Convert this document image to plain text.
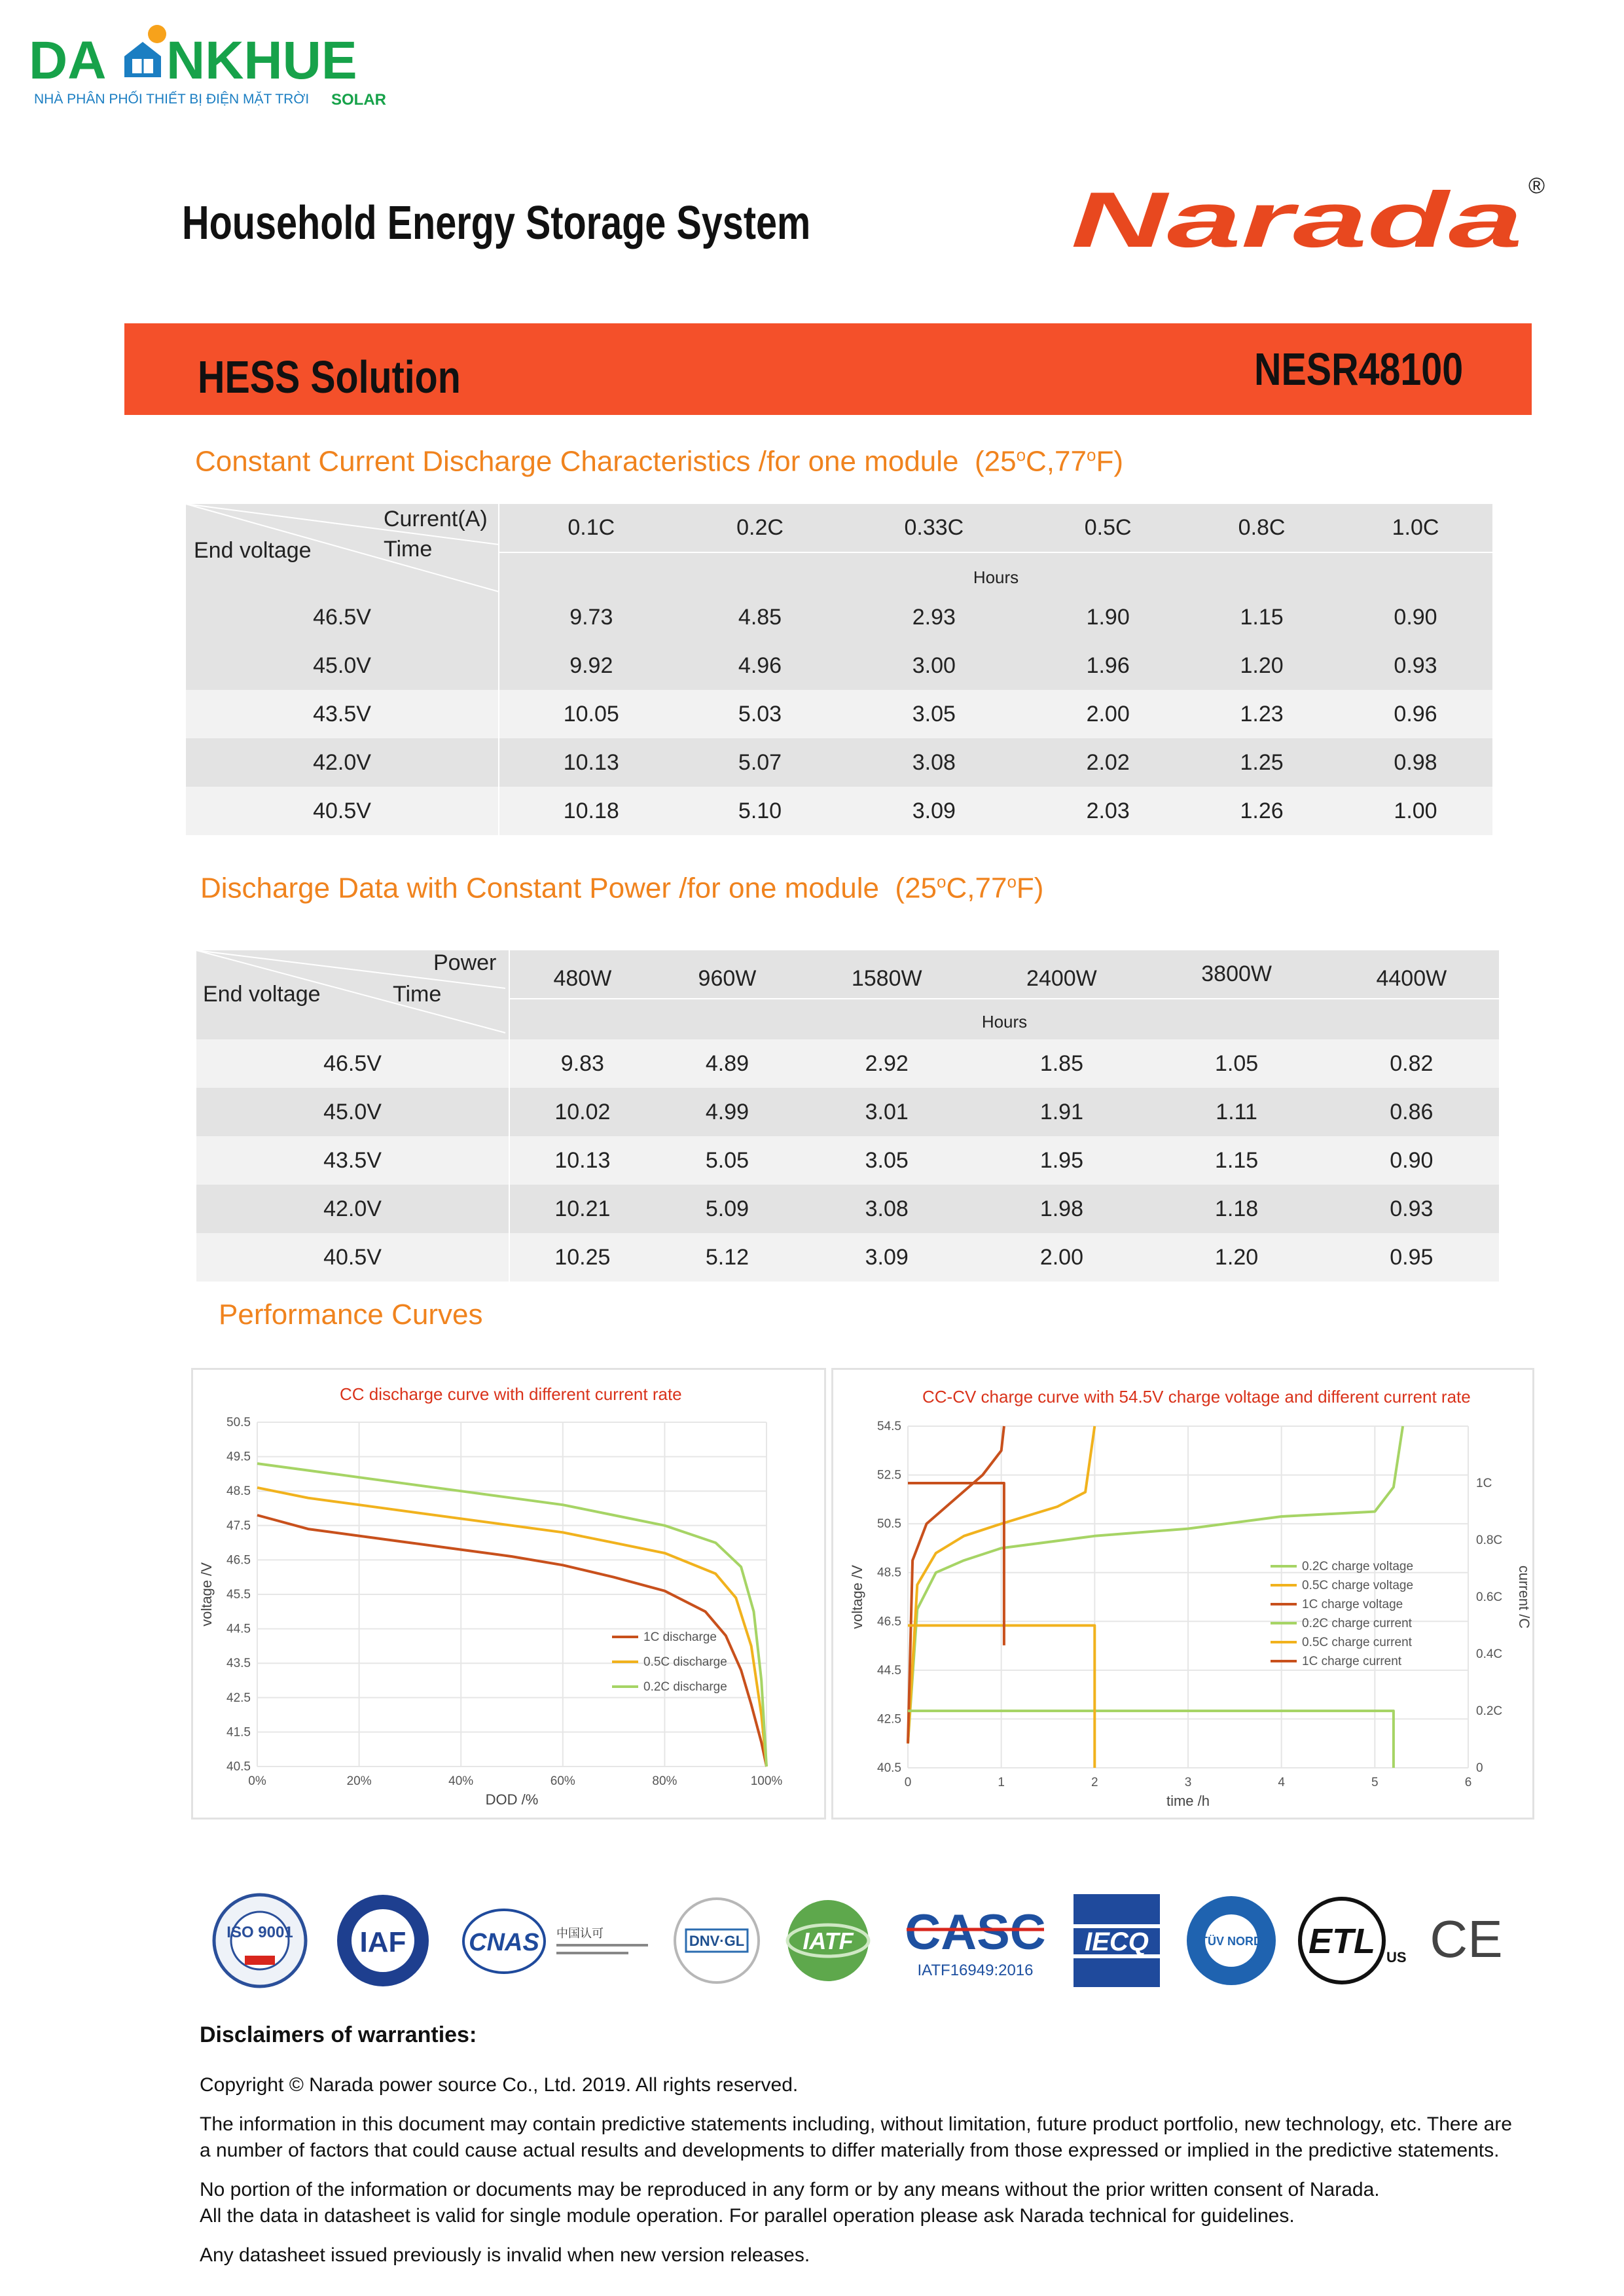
DA NKHUE
NHÀ PHÂN PHỐI THIẾT BỊ ĐIỆN MẶT TRỜI SOLAR
Household Energy Storage System	Narada ®
HESS Solution	NESR48100
Constant Current Discharge Characteristics /for one module (25$^o$C,77$^o$F)
Current(A)
Time
End voltage	0.1C	0.2C	0.33C	0.5C	0.8C	1.0C
	Hours					
46.5V	9.73	4.85	2.93	1.90	1.15	0.90
45.0V	9.92	4.96	3.00	1.96	1.20	0.93
43.5V	10.05	5.03	3.05	2.00	1.23	0.96
42.0V	10.13	5.07	3.08	2.02	1.25	0.98
40.5V	10.18	5.10	3.09	2.03	1.26	1.00
Discharge Data with Constant Power /for one module (25$^o$C,77$^o$F)
Power
Time
End voltage	480W	960W	1580W	2400W	3800W	4400W
	Hours					
46.5V	9.83	4.89	2.92	1.85	1.05	0.82
45.0V	10.02	4.99	3.01	1.91	1.11	0.86
43.5V	10.13	5.05	3.05	1.95	1.15	0.90
42.0V	10.21	5.09	3.08	1.98	1.18	0.93
40.5V	10.25	5.12	3.09	2.00	1.20	0.95
Performance Curves
CC discharge curve with different current rate
50.5
49.5
48.5
47.5
46.5
45.5
44.5
43.5
42.5
41.5
40.5
0%	20%	40%	60%	80%	100%
DOD /%
voltage /V
1C discharge
0.5C discharge
0.2C discharge
CC-CV charge curve with 54.5V charge voltage and different current rate
54.5
52.5
50.5
48.5
46.5
44.5
42.5
40.5
0	1	2	3	4	5	6
time /h
voltage /V
1C
0.8C
0.6C
0.4C
0.2C
0
current /C
0.2C charge voltage
0.5C charge voltage
1C charge voltage
0.2C charge current
0.5C charge current
1C charge current
ISO 9001 IAF	CNAS 中国认可	DNV·GL IATF CASC
IATF16949:2016
IECQ	TÜV NORD ETL US CE
Disclaimers of warranties:
Copyright © Narada power source Co., Ltd. 2019. All rights reserved.
The information in this document may contain predictive statements including, without limitation, future product portfolio, new technology, etc. There are a number of factors that could cause actual results and developments to differ materially from those expressed or implied in the predictive statements.
No portion of the information or documents may be reproduced in any form or by any means without the prior written consent of Narada.
All the data in datasheet is valid for single module operation. For parallel operation please ask Narada technical for guidelines.
Any datasheet issued previously is invalid when new version releases.
